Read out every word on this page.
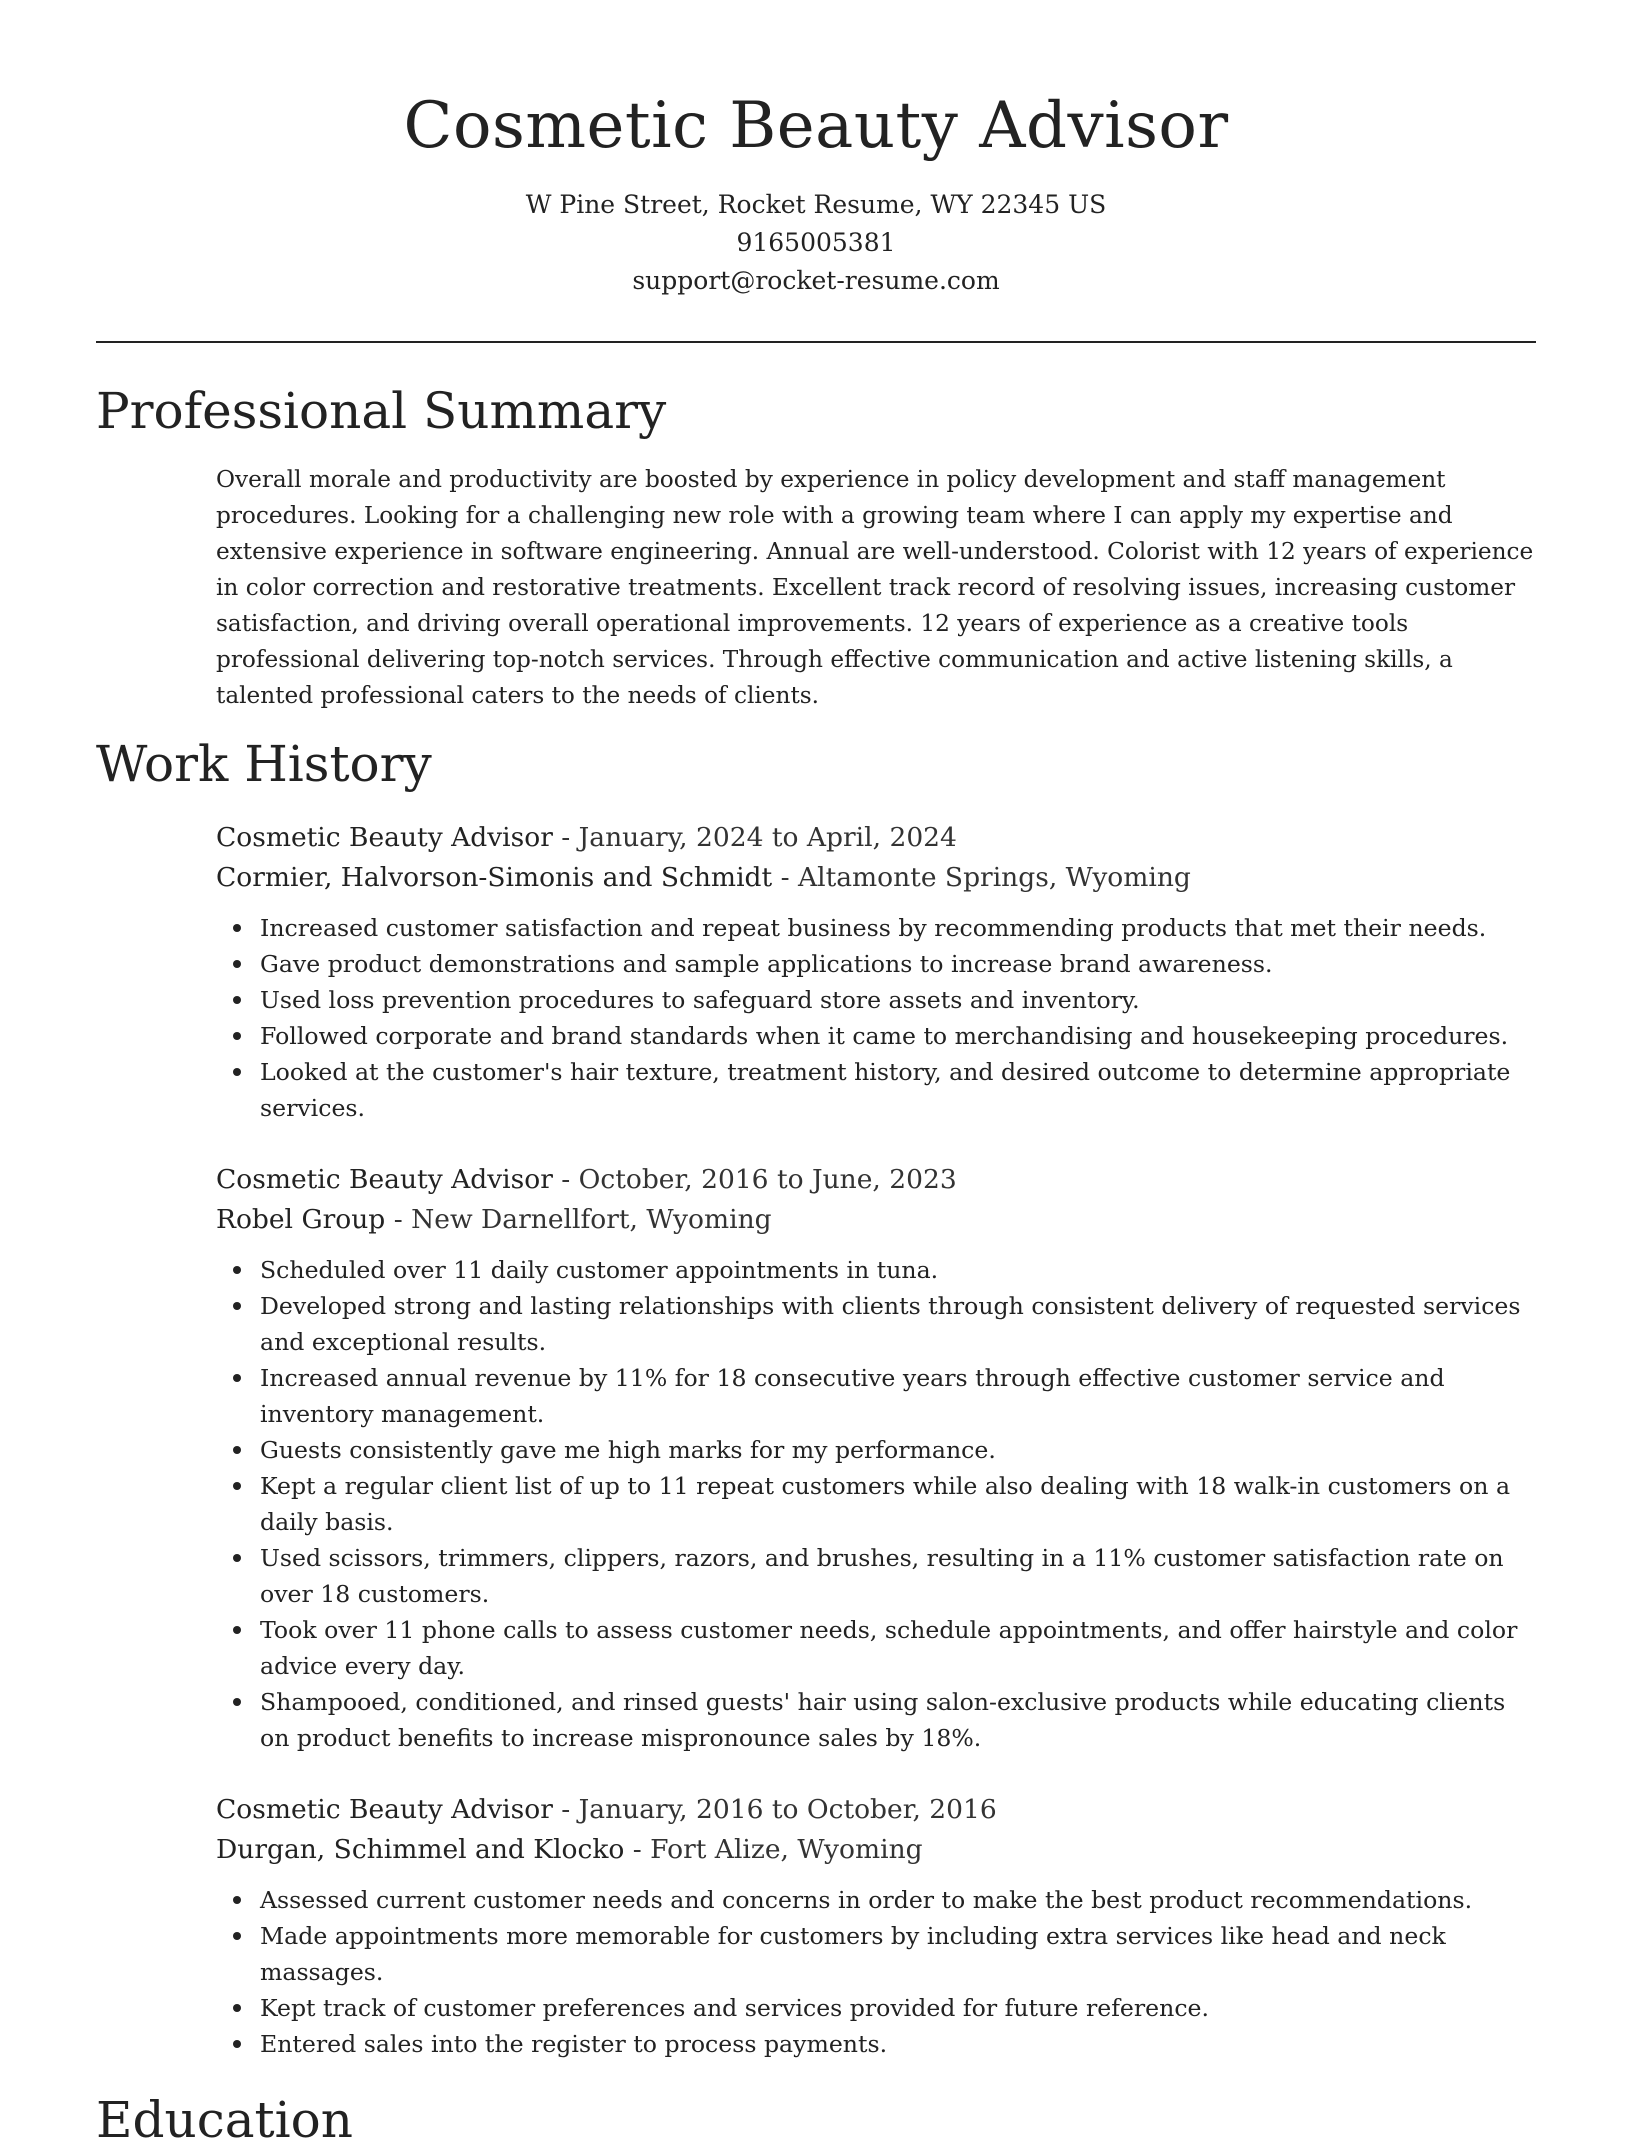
Cosmetic Beauty Advisor
W Pine Street, Rocket Resume, WY 22345 US
9165005381
support@rocket-resume.com
Professional Summary

Overall morale and productivity are boosted by experience in policy development and staff management procedures. Looking for a challenging new role with a growing team where I can apply my expertise and extensive experience in software engineering. Annual are well-understood. Colorist with 12 years of experience in color correction and restorative treatments. Excellent track record of resolving issues, increasing customer satisfaction, and driving overall operational improvements. 12 years of experience as a creative tools professional delivering top-notch services. Through effective communication and active listening skills, a talented professional caters to the needs of clients.

Work History

Cosmetic Beauty Advisor - January, 2024 to April, 2024

Cormier, Halvorson-Simonis and Schmidt - Altamonte Springs, Wyoming

Increased customer satisfaction and repeat business by recommending products that met their needs.
Gave product demonstrations and sample applications to increase brand awareness.
Used loss prevention procedures to safeguard store assets and inventory.
Followed corporate and brand standards when it came to merchandising and housekeeping procedures.
Looked at the customer's hair texture, treatment history, and desired outcome to determine appropriate services.

Cosmetic Beauty Advisor - October, 2016 to June, 2023

Robel Group - New Darnellfort, Wyoming

Scheduled over 11 daily customer appointments in tuna.
Developed strong and lasting relationships with clients through consistent delivery of requested services and exceptional results.
Increased annual revenue by 11% for 18 consecutive years through effective customer service and inventory management.
Guests consistently gave me high marks for my performance.
Kept a regular client list of up to 11 repeat customers while also dealing with 18 walk-in customers on a daily basis.
Used scissors, trimmers, clippers, razors, and brushes, resulting in a 11% customer satisfaction rate on over 18 customers.
Took over 11 phone calls to assess customer needs, schedule appointments, and offer hairstyle and color advice every day.
Shampooed, conditioned, and rinsed guests' hair using salon-exclusive products while educating clients on product benefits to increase mispronounce sales by 18%.

Cosmetic Beauty Advisor - January, 2016 to October, 2016

Durgan, Schimmel and Klocko - Fort Alize, Wyoming

Assessed current customer needs and concerns in order to make the best product recommendations.
Made appointments more memorable for customers by including extra services like head and neck massages.
Kept track of customer preferences and services provided for future reference.
Entered sales into the register to process payments.
Education
